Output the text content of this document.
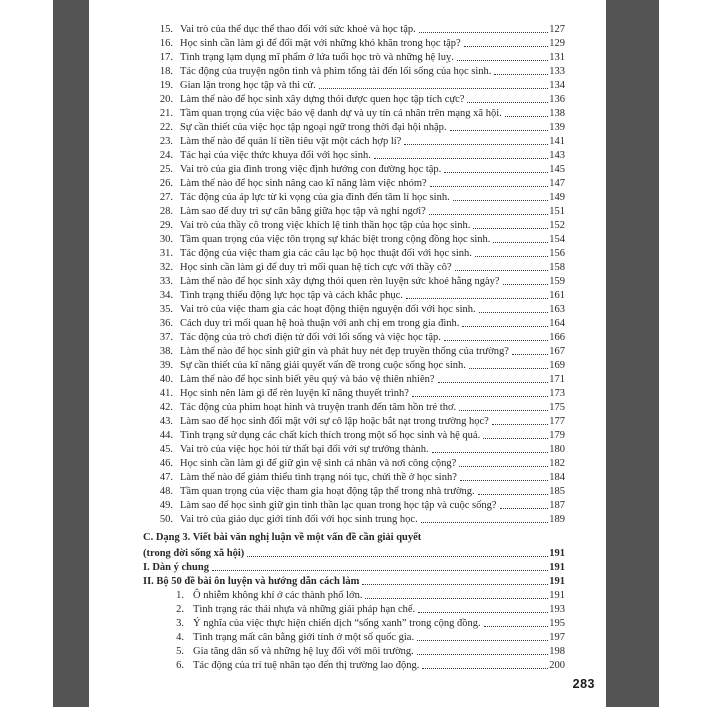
15. Vai trò của thể dục thể thao đối với sức khoẻ và học tập.	127
16. Học sinh cần làm gì để đối mặt với những khó khăn trong học tập?	129
17. Tình trạng lạm dụng mĩ phẩm ở lứa tuổi học trò và những hệ luỵ.	131
18. Tác động của truyện ngôn tình và phim tổng tài đến lối sống của học sinh.	133
19. Gian lận trong học tập và thi cử.	134
20. Làm thế nào để học sinh xây dựng thói được quen học tập tích cực?	136
21. Tầm quan trọng của việc bảo vệ danh dự và uy tín cá nhân trên mạng xã hội.	138
22. Sự cần thiết của việc học tập ngoại ngữ trong thời đại hội nhập.	139
23. Làm thế nào để quản lí tiền tiêu vặt một cách hợp lí?	141
24. Tác hại của việc thức khuya đối với học sinh.	143
25. Vai trò của gia đình trong việc định hướng con đường học tập.	145
26. Làm thế nào để học sinh nâng cao kĩ năng làm việc nhóm?	147
27. Tác động của áp lực từ kì vọng của gia đình đến tâm lí học sinh.	149
28. Làm sao để duy trì sự cân bằng giữa học tập và nghỉ ngơi?	151
29. Vai trò của thầy cô trong việc khích lệ tinh thần học tập của học sinh.	152
30. Tầm quan trọng của việc tôn trọng sự khác biệt trong cộng đồng học sinh.	154
31. Tác động của việc tham gia các câu lạc bộ học thuật đối với học sinh.	156
32. Học sinh cần làm gì để duy trì mối quan hệ tích cực với thầy cô?	158
33. Làm thế nào để học sinh xây dựng thói quen rèn luyện sức khoẻ hằng ngày?	159
34. Tình trạng thiếu động lực học tập và cách khắc phục.	161
35. Vai trò của việc tham gia các hoạt động thiện nguyện đối với học sinh.	163
36. Cách duy trì mối quan hệ hoà thuận với anh chị em trong gia đình.	164
37. Tác động của trò chơi điện tử đối với lối sống và việc học tập.	166
38. Làm thế nào để học sinh giữ gìn và phát huy nét đẹp truyền thống của trường?	167
39. Sự cần thiết của kĩ năng giải quyết vấn đề trong cuộc sống học sinh.	169
40. Làm thế nào để học sinh biết yêu quý và bảo vệ thiên nhiên?	171
41. Học sinh nên làm gì để rèn luyện kĩ năng thuyết trình?	173
42. Tác động của phim hoạt hình và truyện tranh đến tâm hồn trẻ thơ.	175
43. Làm sao để học sinh đối mặt với sự cô lập hoặc bắt nạt trong trường học?	177
44. Tình trạng sử dụng các chất kích thích trong một số học sinh và hệ quả.	179
45. Vai trò của việc học hỏi từ thất bại đối với sự trưởng thành.	180
46. Học sinh cần làm gì để giữ gìn vệ sinh cá nhân và nơi công cộng?	182
47. Làm thế nào để giảm thiểu tình trạng nói tục, chửi thề ở học sinh?	184
48. Tầm quan trọng của việc tham gia hoạt động tập thể trong nhà trường.	185
49. Làm sao để học sinh giữ gìn tinh thần lạc quan trong học tập và cuộc sống?	187
50. Vai trò của giáo dục giới tính đối với học sinh trung học.	189
C. Dạng 3. Viết bài văn nghị luận về một vấn đề cần giải quyết
(trong đời sống xã hội)	191
I. Dàn ý chung	191
II. Bộ 50 đề bài ôn luyện và hướng dẫn cách làm	191
1. Ô nhiễm không khí ở các thành phố lớn.	191
2. Tình trạng rác thải nhựa và những giải pháp hạn chế.	193
3. Ý nghĩa của việc thực hiện chiến dịch “sống xanh” trong cộng đồng.	195
4. Tình trạng mất cân bằng giới tính ở một số quốc gia.	197
5. Gia tăng dân số và những hệ luỵ đối với môi trường.	198
6. Tác động của trí tuệ nhân tạo đến thị trường lao động.	200
283
